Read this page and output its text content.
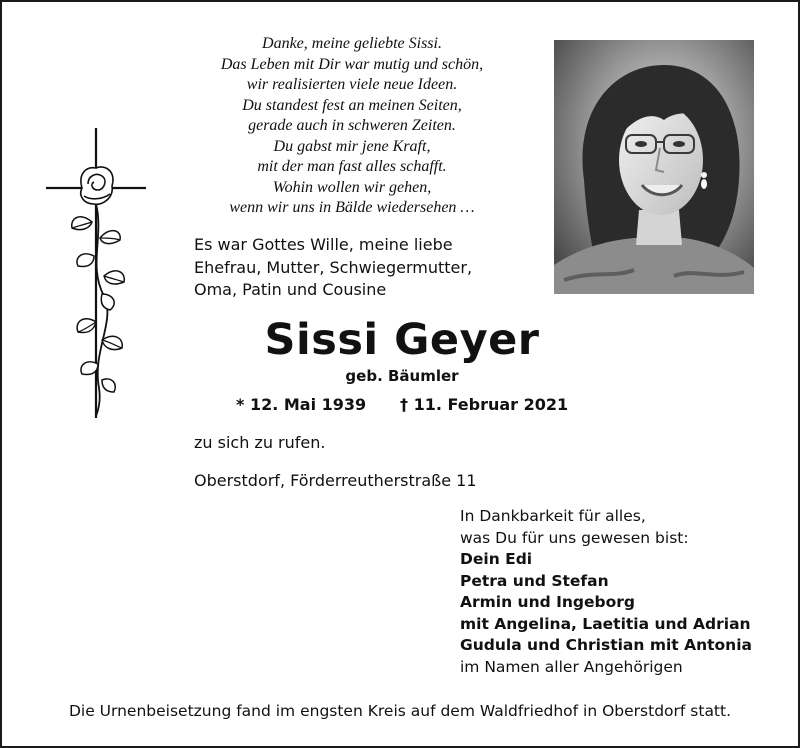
Danke, meine geliebte Sissi.
Das Leben mit Dir war mutig und schön,
wir realisierten viele neue Ideen.
Du standest fest an meinen Seiten,
gerade auch in schweren Zeiten.
Du gabst mir jene Kraft,
mit der man fast alles schafft.
Wohin wollen wir gehen,
wenn wir uns in Bälde wiedersehen …
Es war Gottes Wille, meine liebe
Ehefrau, Mutter, Schwiegermutter,
Oma, Patin und Cousine
Sissi Geyer
geb. Bäumler
* 12. Mai 1939 † 11. Februar 2021
zu sich zu rufen.
Oberstdorf, Förderreutherstraße 11
In Dankbarkeit für alles,
was Du für uns gewesen bist:
Dein Edi
Petra und Stefan
Armin und Ingeborg
mit Angelina, Laetitia und Adrian
Gudula und Christian mit Antonia
im Namen aller Angehörigen
Die Urnenbeisetzung fand im engsten Kreis auf dem Waldfriedhof in Oberstdorf statt.
